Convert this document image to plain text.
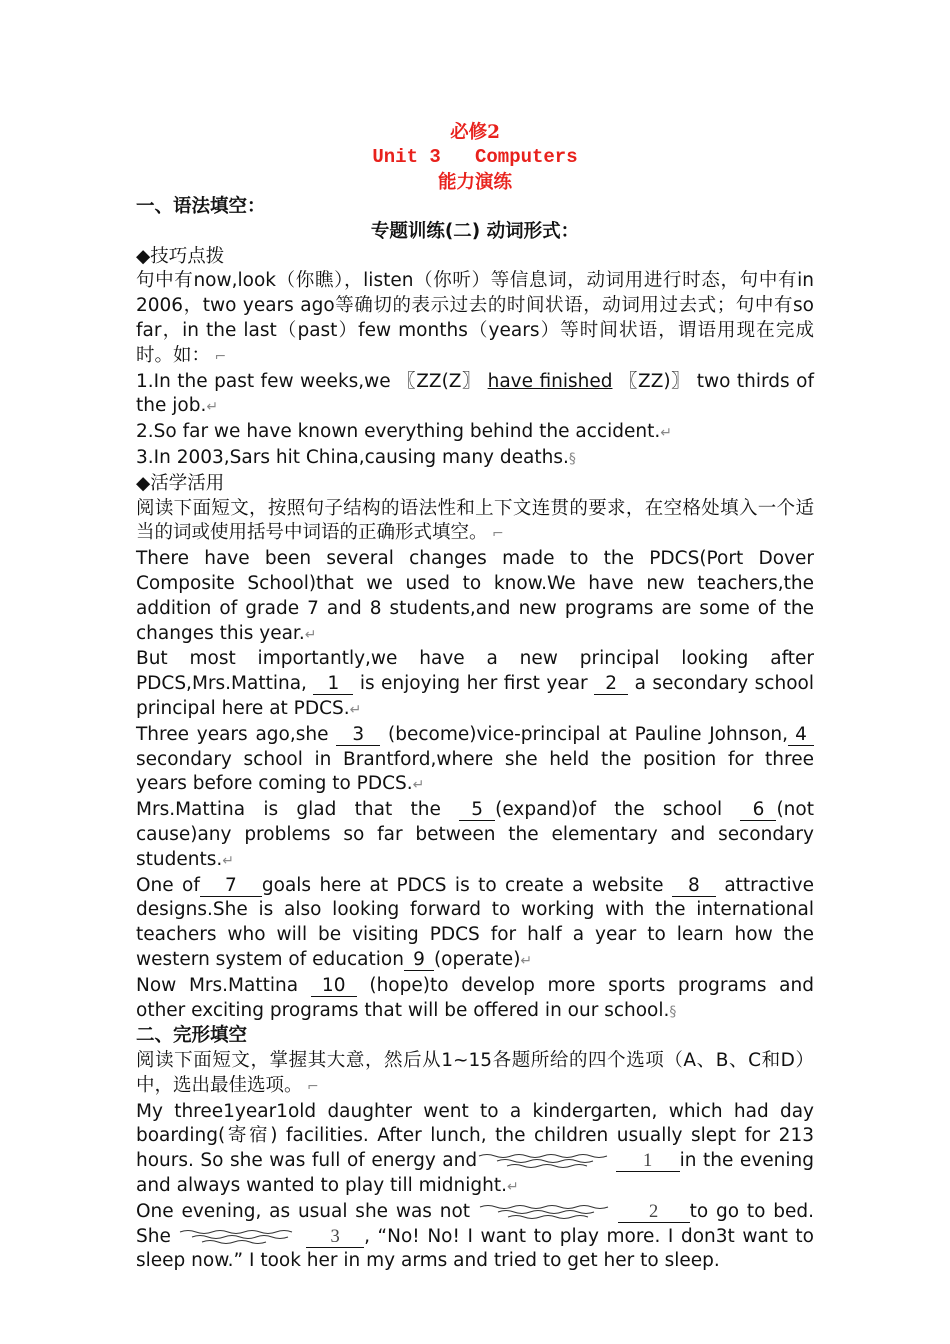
必修2
Unit 3   Computers
能力演练
一、语法填空：
专题训练(二) 动词形式：
◆技巧点拨

句中有now,look（你瞧），listen（你听）等信息词，动词用进行时态，句中有in 2006，two years ago等确切的表示过去的时间状语，动词用过去式；句中有so far，in the last（past）few months（years）等时间状语，谓语用现在完成时。如： ⌐

1.In the past few weeks,we 〖ZZ(Z〗 have finished 〖ZZ)〗 two thirds of

the job.↵

2.So far we have known everything behind the accident.↵

3.In 2003,Sars hit China,causing many deaths.§

◆活学活用

阅读下面短文，按照句子结构的语法性和上下文连贯的要求，在空格处填入一个适当的词或使用括号中词语的正确形式填空。 ⌐

There have been several changes made to the PDCS(Port Dover Composite School)that we used to know.We have new teachers,the addition of grade 7 and 8 students,and new programs are some of the changes this year.↵

But most importantly,we have a new principal looking after PDCS,Mrs.Mattina, 1 is enjoying her first year 2 a secondary school principal here at PDCS.↵

Three years ago,she 3 (become)vice-principal at Pauline Johnson, 4 secondary school in Brantford,where she held the position for three years before coming to PDCS.↵

Mrs.Mattina is glad that the 5 (expand)of the school 6 (not cause)any problems so far between the elementary and secondary students.↵

One of 7 goals here at PDCS is to create a website 8 attractive designs.She is also looking forward to working with the international teachers who will be visiting PDCS for half a year to learn how the western system of education 9 (operate)↵

Now Mrs.Mattina 10 (hope)to develop more sports programs and other exciting programs that will be offered in our school.§

二、完形填空

阅读下面短文，掌握其大意，然后从1~15各题所给的四个选项（A、B、C和D）中，选出最佳选项。 ⌐

My three1year1old daughter went to a kindergarten, which had day boarding(寄宿) facilities. After lunch, the children usually slept for 213 hours. So she was full of energy and	1 in the evening and always wanted to play till midnight.↵

One evening, as usual she was not	2 to go to bed. She	3 , “No! No! I want to play more. I don3t want to sleep now.” I took her in my arms and tried to get her to sleep.
